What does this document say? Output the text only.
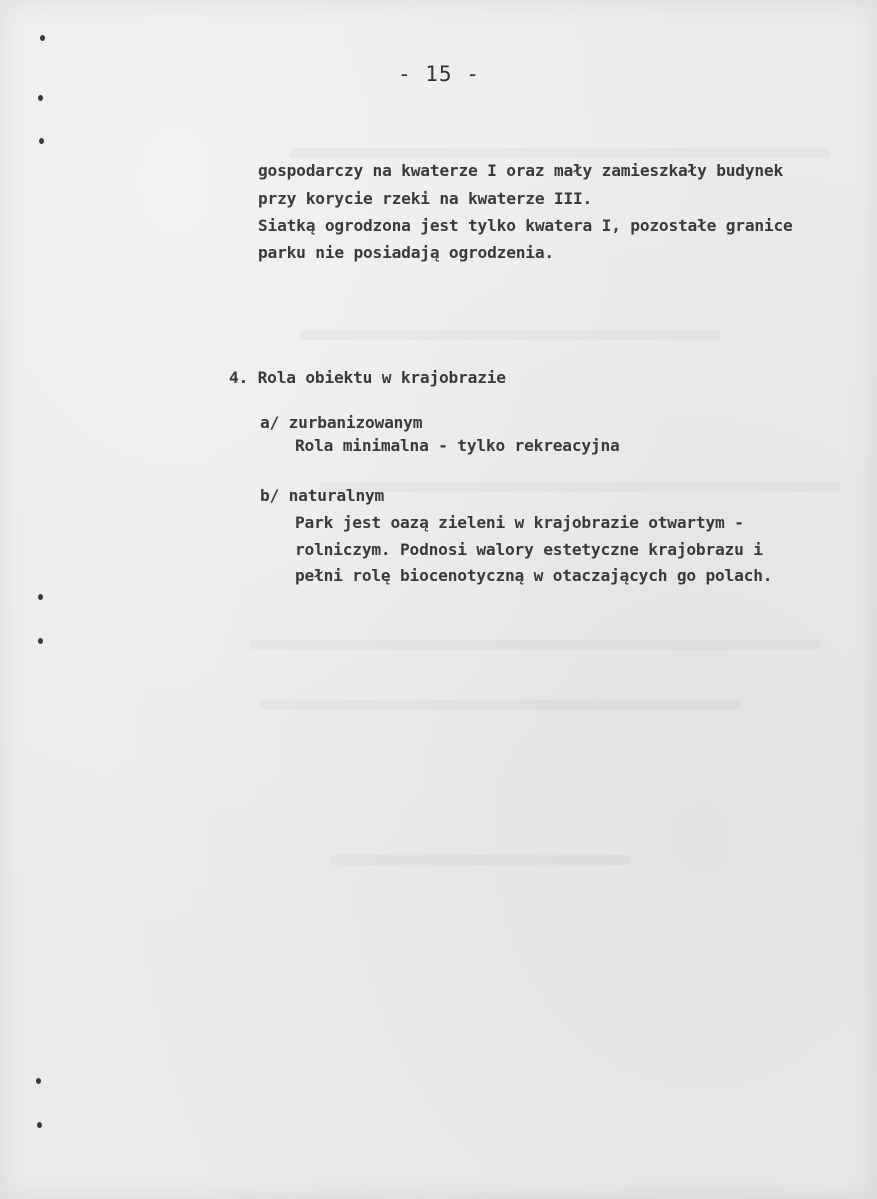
- 15 -
gospodarczy na kwaterze I oraz mały zamieszkały budynek
przy korycie rzeki na kwaterze III.
Siatką ogrodzona jest tylko kwatera I, pozostałe granice
parku nie posiadają ogrodzenia.
4. Rola obiektu w krajobrazie
a/ zurbanizowanym
Rola minimalna - tylko rekreacyjna
b/ naturalnym
Park jest oazą zieleni w krajobrazie otwartym -
rolniczym. Podnosi walory estetyczne krajobrazu i
pełni rolę biocenotyczną w otaczających go polach.
